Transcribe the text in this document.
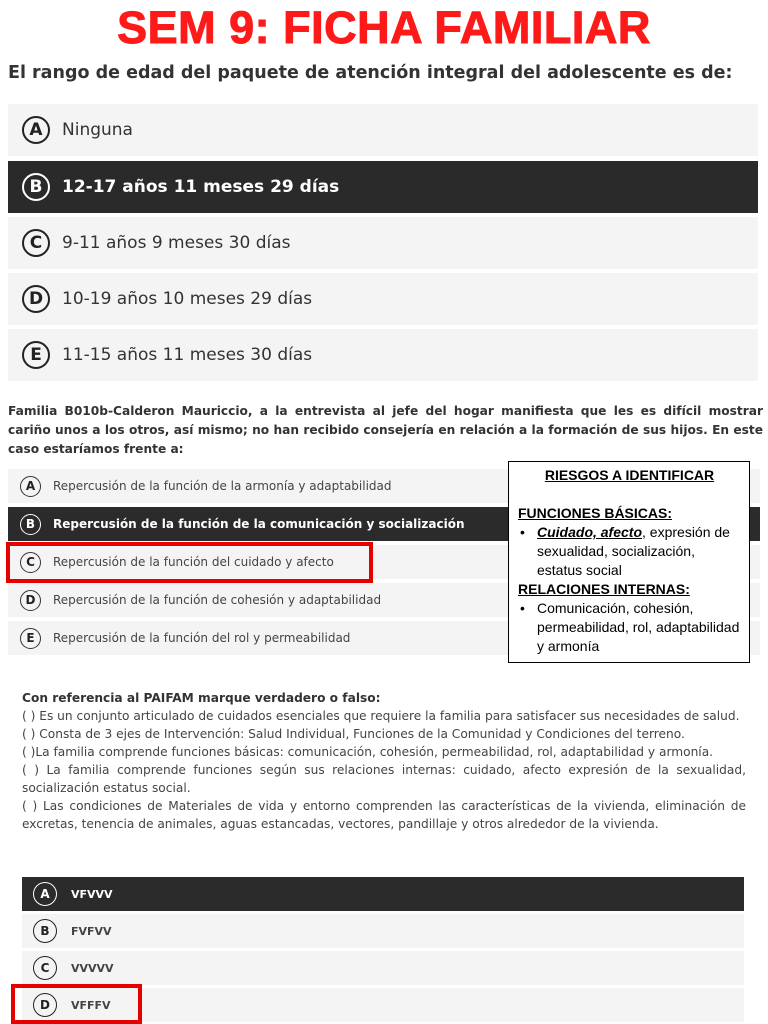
SEM 9: FICHA FAMILIAR
El rango de edad del paquete de atención integral del adolescente es de:
A	Ninguna
B	12-17 años 11 meses 29 días
C	9-11 años 9 meses 30 días
D	10-19 años 10 meses 29 días
E	11-15 años 11 meses 30 días
Familia B010b-Calderon Mauriccio, a la entrevista al jefe del hogar manifiesta que les es difícil mostrar cariño unos a los otros, así mismo; no han recibido consejería en relación a la formación de sus hijos. En este caso estaríamos frente a:
A	Repercusión de la función de la armonía y adaptabilidad
B	Repercusión de la función de la comunicación y socialización
C	Repercusión de la función del cuidado y afecto
D	Repercusión de la función de cohesión y adaptabilidad
E	Repercusión de la función del rol y permeabilidad
RIESGOS A IDENTIFICAR
FUNCIONES BÁSICAS:
• Cuidado, afecto, expresión de sexualidad, socialización, estatus social
RELACIONES INTERNAS:
• Comunicación, cohesión, permeabilidad, rol, adaptabilidad y armonía
Con referencia al PAIFAM marque verdadero o falso:
( ) Es un conjunto articulado de cuidados esenciales que requiere la familia para satisfacer sus necesidades de salud.
( ) Consta de 3 ejes de Intervención: Salud Individual, Funciones de la Comunidad y Condiciones del terreno.
( )La familia comprende funciones básicas: comunicación, cohesión, permeabilidad, rol, adaptabilidad y armonía.
( ) La familia comprende funciones según sus relaciones internas: cuidado, afecto expresión de la sexualidad, socialización estatus social.
( ) Las condiciones de Materiales de vida y entorno comprenden las características de la vivienda, eliminación de excretas, tenencia de animales, aguas estancadas, vectores, pandillaje y otros alrededor de la vivienda.
A	VFVVV
B	FVFVV
C	VVVVV
D	VFFFV
